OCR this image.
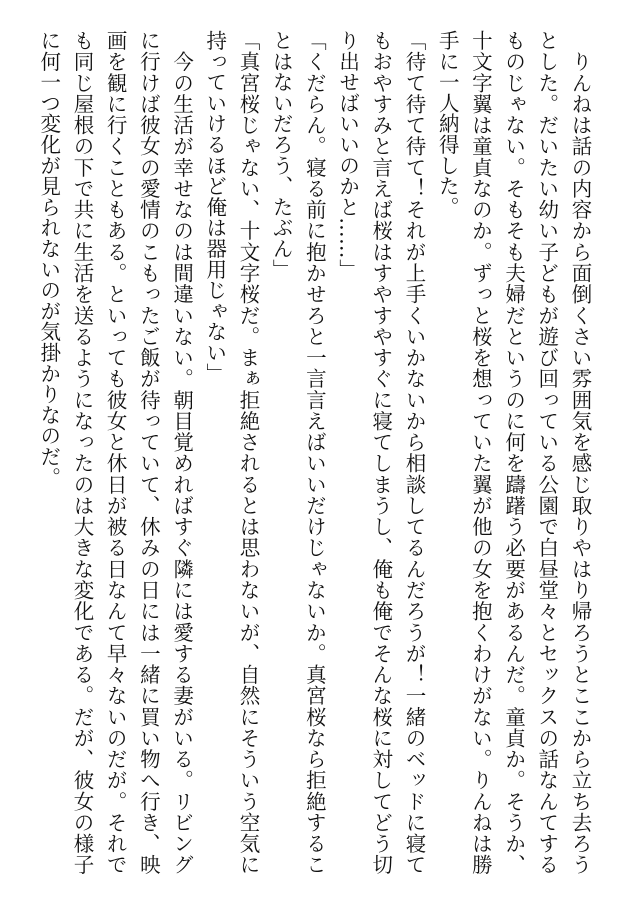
　りんねは話の内容から面倒くさい雰囲気を感じ取りやはり帰ろうとここから立ち去ろうとした。だいたい幼い子どもが遊び回っている公園で白昼堂々とセックスの話なんてするものじゃない。そもそも夫婦だというのに何を躊躇う必要があるんだ。童貞か。そうか、十文字翼は童貞なのか。ずっと桜を想っていた翼が他の女を抱くわけがない。りんねは勝手に一人納得した。

「待て待て待て！それが上手くいかないから相談してるんだろうが！一緒のベッドに寝てもおやすみと言えば桜はすやすやすぐに寝てしまうし、俺も俺でそんな桜に対してどう切り出せばいいのかと……」

「くだらん。寝る前に抱かせろと一言言えばいいだけじゃないか。真宮桜なら拒絶することはないだろう、たぶん」

「真宮桜じゃない、十文字桜だ。まぁ拒絶されるとは思わないが、自然にそういう空気に持っていけるほど俺は器用じゃない」

　今の生活が幸せなのは間違いない。朝目覚めればすぐ隣には愛する妻がいる。リビングに行けば彼女の愛情のこもったご飯が待っていて、休みの日には一緒に買い物へ行き、映画を観に行くこともある。といっても彼女と休日が被る日なんて早々ないのだが。それでも同じ屋根の下で共に生活を送るようになったのは大きな変化である。だが、彼女の様子に何一つ変化が見られないのが気掛かりなのだ。
